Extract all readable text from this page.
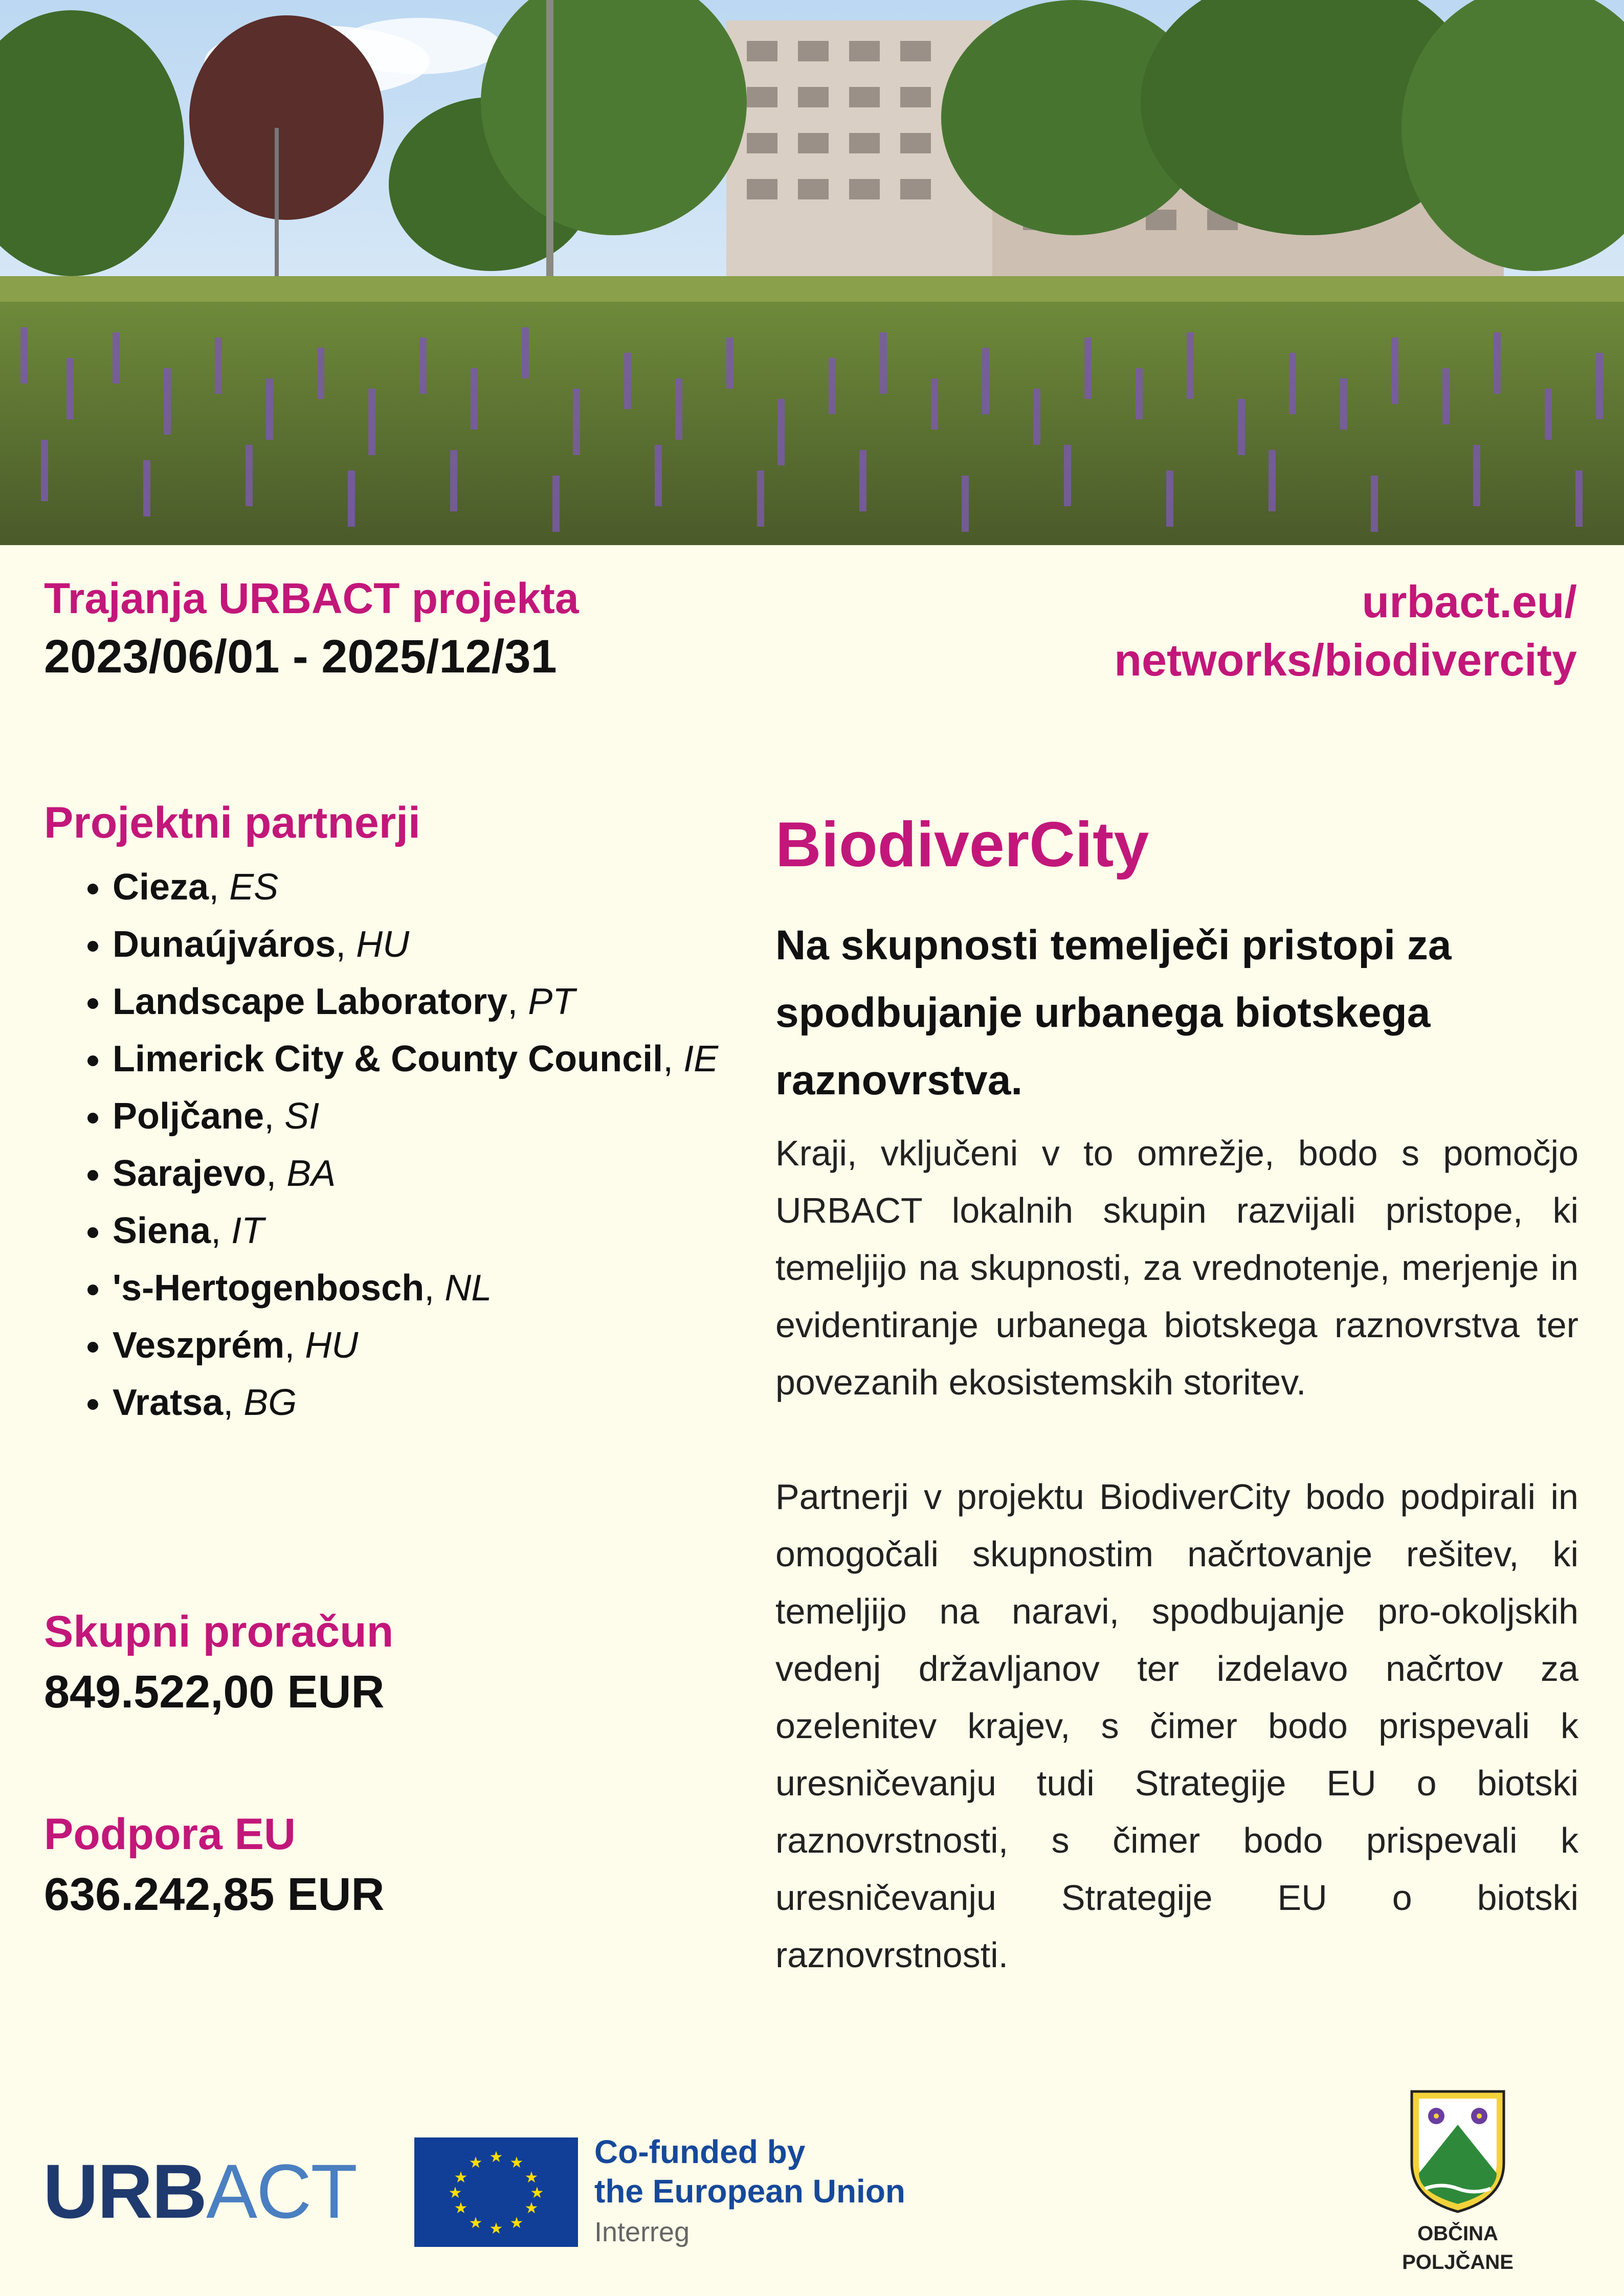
Trajanja URBACT projekta
2023/06/01 - 2025/12/31
urbact.eu/
networks/biodivercity
Projektni partnerji
• Cieza, ES
• Dunaújváros, HU
• Landscape Laboratory, PT
• Limerick City & County Council, IE
• Poljčane, SI
• Sarajevo, BA
• Siena, IT
• 's-Hertogenbosch, NL
• Veszprém, HU
• Vratsa, BG
Skupni proračun
849.522,00 EUR
Podpora EU
636.242,85 EUR
BiodiverCity
Na skupnosti temelječi pristopi za spodbujanje urbanega biotskega raznovrstva.

Kraji, vključeni v to omrežje, bodo s pomočjo URBACT lokalnih skupin razvijali pristope, ki temeljijo na skupnosti, za vrednotenje, merjenje in evidentiranje urbanega biotskega raznovrstva ter povezanih ekosistemskih storitev.

Partnerji v projektu BiodiverCity bodo podpirali in omogočali skupnostim načrtovanje rešitev, ki temeljijo na naravi, spodbujanje pro-okoljskih vedenj državljanov ter izdelavo načrtov za ozelenitev krajev, s čimer bodo prispevali k uresničevanju tudi Strategije EU o biotski raznovrstnosti, s čimer bodo prispevali k uresničevanju Strategije EU o biotski raznovrstnosti.

URBACT	★ ★
★
★
★
★
★
★
★
★
★
★	Co-funded by
the European Union
Interreg	OBČINA
POLJČANE
